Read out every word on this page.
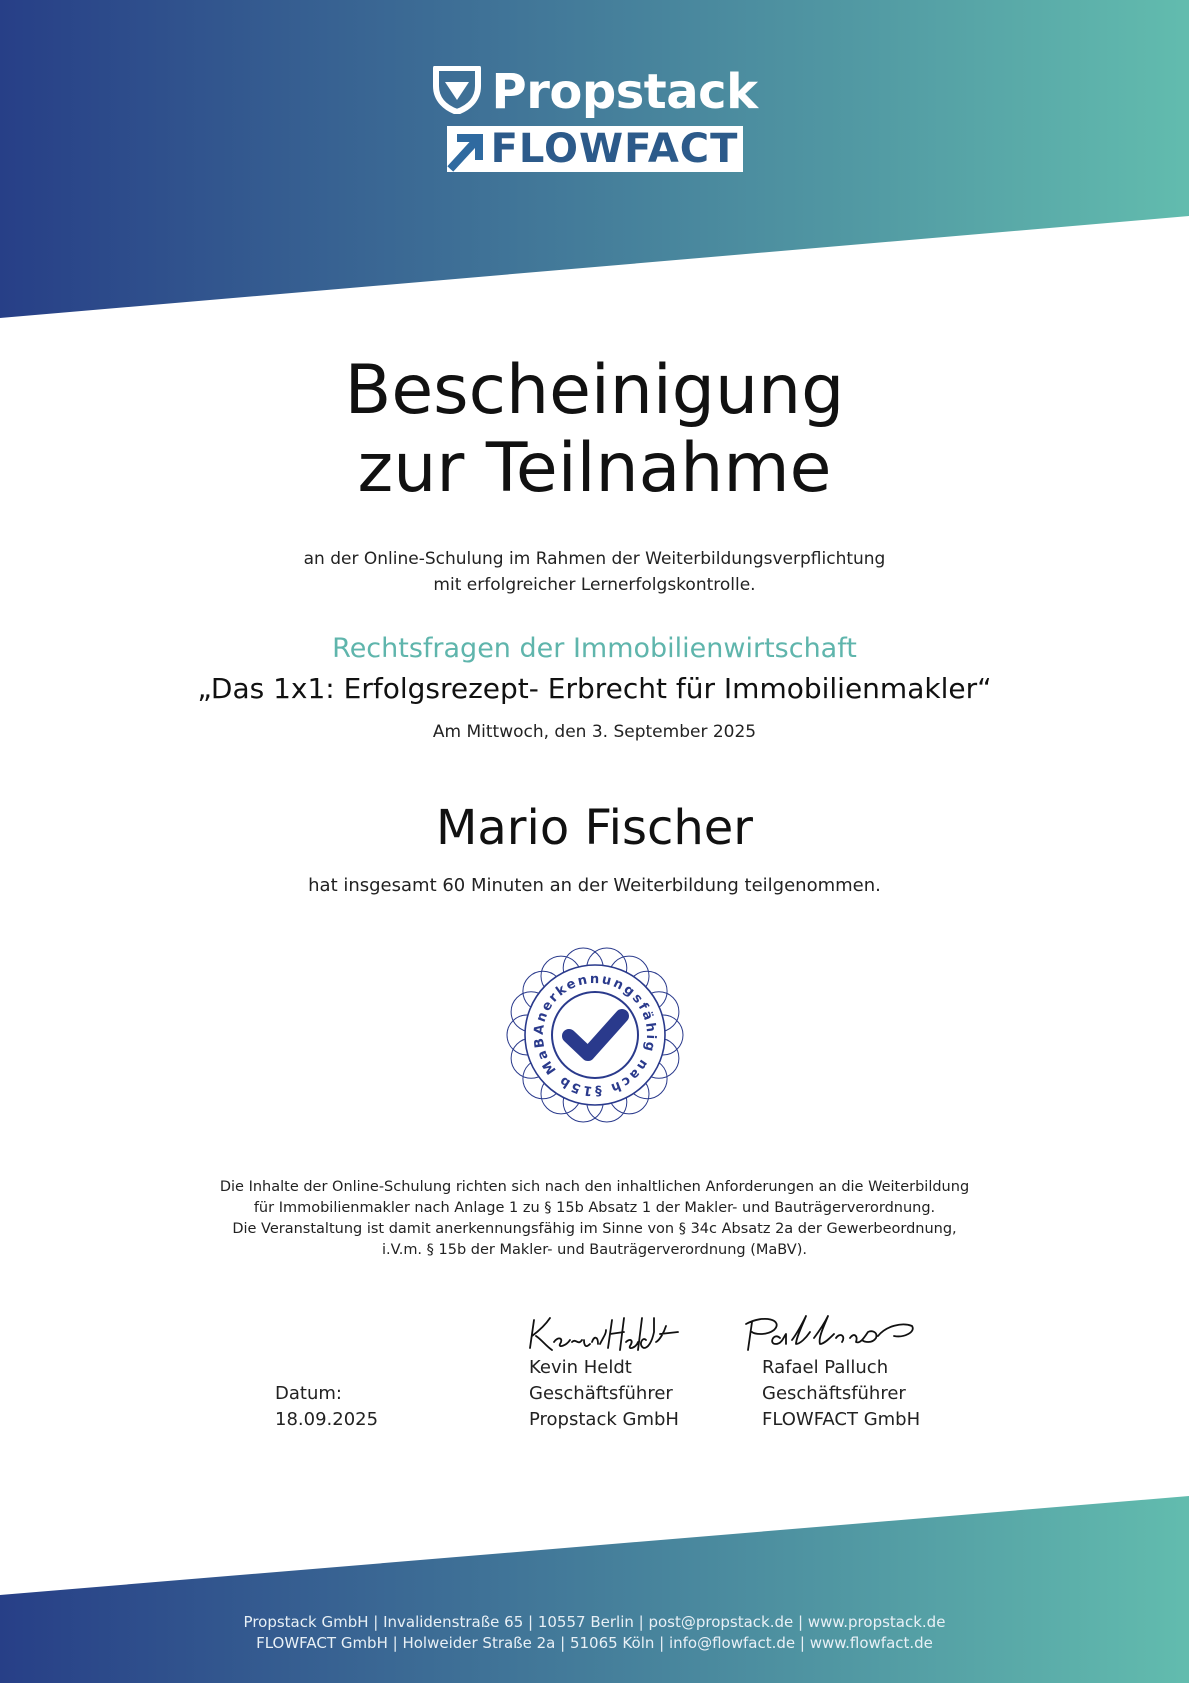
Propstack
FLOWFACT
Bescheinigung
zur Teilnahme
an der Online-Schulung im Rahmen der Weiterbildungsverpflichtung
mit erfolgreicher Lernerfolgskontrolle.
Rechtsfragen der Immobilienwirtschaft
„Das 1x1: Erfolgsrezept- Erbrecht für Immobilienmakler“
Am Mittwoch, den 3. September 2025
Mario Fischer
hat insgesamt 60 Minuten an der Weiterbildung teilgenommen.
Anerkennungsfähig nach §15b MaB
Die Inhalte der Online-Schulung richten sich nach den inhaltlichen Anforderungen an die Weiterbildung
für Immobilienmakler nach Anlage 1 zu § 15b Absatz 1 der Makler- und Bauträgerverordnung.
Die Veranstaltung ist damit anerkennungsfähig im Sinne von § 34c Absatz 2a der Gewerbeordnung,
i.V.m. § 15b der Makler- und Bauträgerverordnung (MaBV).
Datum:
18.09.2025
Kevin Heldt
Geschäftsführer
Propstack GmbH
Rafael Palluch
Geschäftsführer
FLOWFACT GmbH
Propstack GmbH | Invalidenstraße 65 | 10557 Berlin | post@propstack.de | www.propstack.de
FLOWFACT GmbH | Holweider Straße 2a | 51065 Köln | info@flowfact.de | www.flowfact.de
